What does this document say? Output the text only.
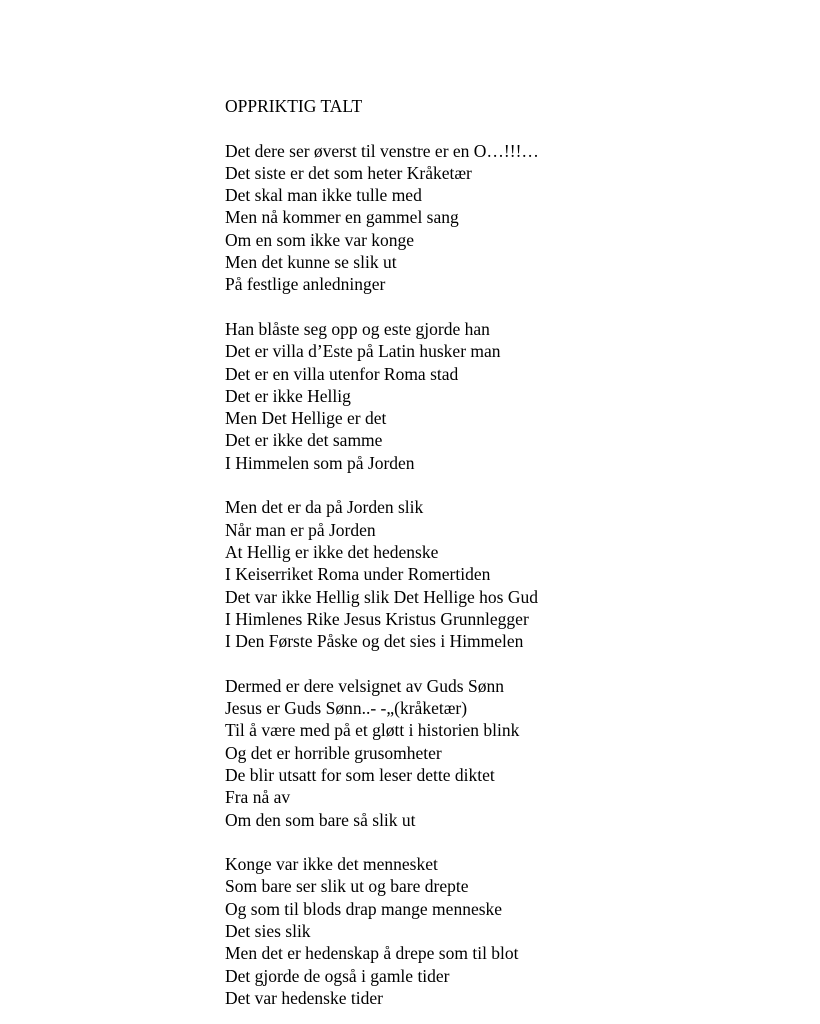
OPPRIKTIG TALT
Det dere ser øverst til venstre er en O…!!!…
Det siste er det som heter Kråketær
Det skal man ikke tulle med
Men nå kommer en gammel sang
Om en som ikke var konge
Men det kunne se slik ut
På festlige anledninger
Han blåste seg opp og este gjorde han
Det er villa d’Este på Latin husker man
Det er en villa utenfor Roma stad
Det er ikke Hellig
Men Det Hellige er det
Det er ikke det samme
I Himmelen som på Jorden
Men det er da på Jorden slik
Når man er på Jorden
At Hellig er ikke det hedenske
I Keiserriket Roma under Romertiden
Det var ikke Hellig slik Det Hellige hos Gud
I Himlenes Rike Jesus Kristus Grunnlegger
I Den Første Påske og det sies i Himmelen
Dermed er dere velsignet av Guds Sønn
Jesus er Guds Sønn..- -„(kråketær)
Til å være med på et gløtt i historien blink
Og det er horrible grusomheter
De blir utsatt for som leser dette diktet
Fra nå av
Om den som bare så slik ut
Konge var ikke det mennesket
Som bare ser slik ut og bare drepte
Og som til blods drap mange menneske
Det sies slik
Men det er hedenskap å drepe som til blot
Det gjorde de også i gamle tider
Det var hedenske tider
